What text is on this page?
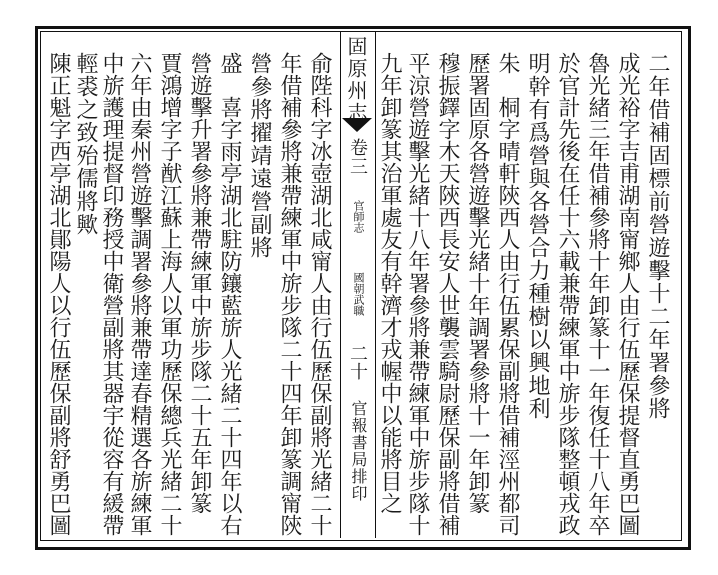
固原州志
卷三
官師志
國朝武職
二十
官報書局排印
二年借補固標前營遊擊十二年署參將
成光裕字吉甫湖南甯鄉人由行伍歷保提督直勇巴圖
魯光緒三年借補參將十年卸篆十一年復任十八年卒
於官計先後在任十六載兼帶練軍中旂步隊整頓戎政
明幹有爲營與各營合力種樹以興地利
朱　桐字晴軒陝西人由行伍累保副將借補涇州都司
歷署固原各營遊擊光緒十年調署參將十一年卸篆
穆振鐸字木天陝西長安人世襲雲騎尉歷保副將借補
平涼營遊擊光緒十八年署參將兼帶練軍中旂步隊十
九年卸篆其治軍處友有幹濟才戎幄中以能將目之
俞陛科字冰壺湖北咸甯人由行伍歷保副將光緒二十
年借補參將兼帶練軍中旂步隊二十四年卸篆調甯陝
營參將擢靖遠營副將
盛　喜字雨亭湖北駐防鑲藍旂人光緒二十四年以右
營遊擊升署參將兼帶練軍中旂步隊二十五年卸篆
賈鴻增字子猷江蘇上海人以軍功歷保總兵光緒二十
六年由秦州營遊擊調署參將兼帶達春精選各旂練軍
中旂護理提督印務授中衛營副將其器宇從容有緩帶
輕裘之致殆儒將歟
陳正魁字西亭湖北鄖陽人以行伍歷保副將舒勇巴圖
